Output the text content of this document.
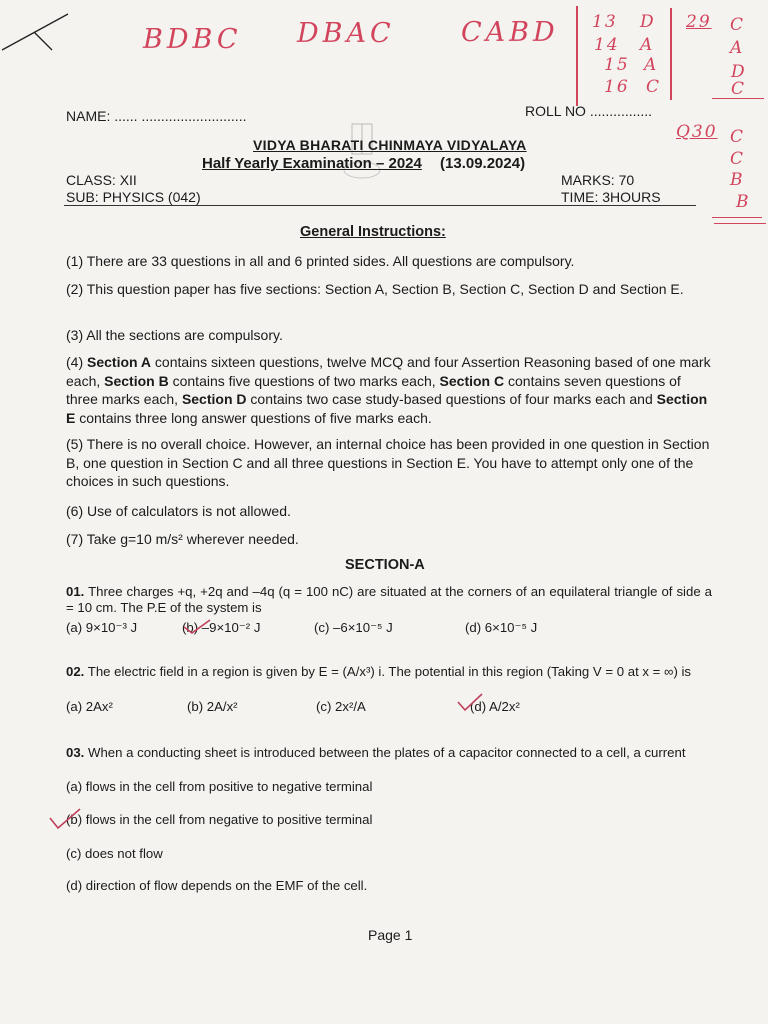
BDBC DBAC CABD 13 D
14 A
15 A
16 C
29 C
A
D
C
Q30 C
C
B
B
NAME: ...... ...........................	ROLL NO ................
VIDYA BHARATI CHINMAYA VIDYALAYA
Half Yearly Examination – 2024 (13.09.2024)
CLASS: XII	MARKS: 70
SUB: PHYSICS (042)	TIME: 3HOURS
General Instructions:
(1) There are 33 questions in all and 6 printed sides. All questions are compulsory.
(2) This question paper has five sections: Section A, Section B, Section C, Section D and Section E.
(3) All the sections are compulsory.
(4) Section A contains sixteen questions, twelve MCQ and four Assertion Reasoning based of one mark each, Section B contains five questions of two marks each, Section C contains seven questions of three marks each, Section D contains two case study-based questions of four marks each and Section E contains three long answer questions of five marks each.
(5) There is no overall choice. However, an internal choice has been provided in one question in Section B, one question in Section C and all three questions in Section E. You have to attempt only one of the choices in such questions.
(6) Use of calculators is not allowed.
(7) Take g=10 m/s² wherever needed.
SECTION-A
01. Three charges +q, +2q and –4q (q = 100 nC) are situated at the corners of an equilateral triangle of side a = 10 cm. The P.E of the system is
(a) 9×10⁻³ J	(b) –9×10⁻² J	(c) –6×10⁻⁵ J	(d) 6×10⁻⁵ J
02. The electric field in a region is given by E = (A/x³) i. The potential in this region (Taking V = 0 at x = ∞) is
(a) 2Ax²	(b) 2A/x²	(c) 2x²/A	(d) A/2x²
03. When a conducting sheet is introduced between the plates of a capacitor connected to a cell, a current
(a) flows in the cell from positive to negative terminal
(b) flows in the cell from negative to positive terminal
(c) does not flow
(d) direction of flow depends on the EMF of the cell.
Page 1
